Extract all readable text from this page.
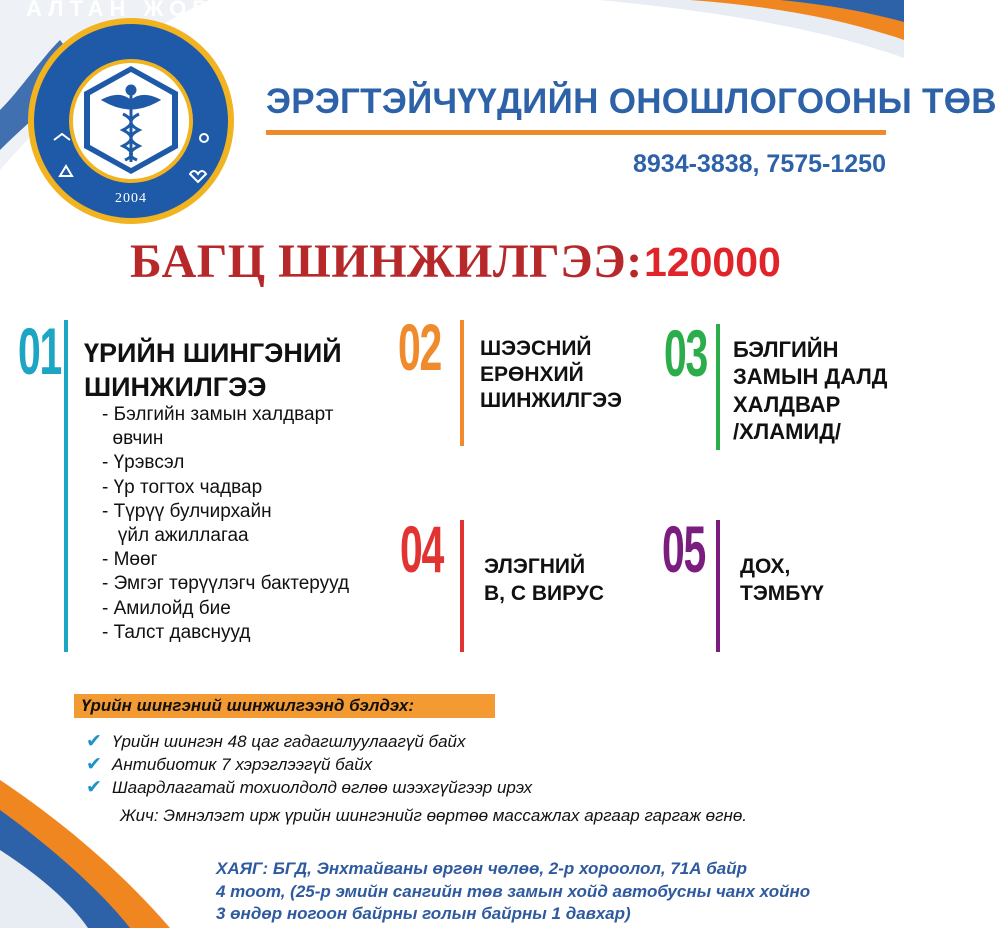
АЛТАН ЖОР
2004
ЭРЭГТЭЙЧҮҮДИЙН ОНОШЛОГООНЫ ТӨВ
8934-3838, 7575-1250
БАГЦ ШИНЖИЛГЭЭ: 120000
01 ҮРИЙН ШИНГЭНИЙ
ШИНЖИЛГЭЭ
- Бэлгийн замын халдварт
өвчин
- Үрэвсэл
- Үр тогтох чадвар
- Түрүү булчирхайн
үйл ажиллагаа
- Мөөг
- Эмгэг төрүүлэгч бактерууд
- Амилойд бие
- Талст давснууд
02 ШЭЭСНИЙ
ЕРӨНХИЙ
ШИНЖИЛГЭЭ
03 БЭЛГИЙН
ЗАМЫН ДАЛД
ХАЛДВАР
/ХЛАМИД/
04 ЭЛЭГНИЙ
В, С ВИРУС
05 ДОХ,
ТЭМБҮҮ
Үрийн шингэний шинжилгээнд бэлдэх:
✔ Үрийн шингэн 48 цаг гадагшлуулаагүй байх
✔ Антибиотик 7 хэрэглээгүй байх
✔ Шаардлагатай тохиолдолд өглөө шээхгүйгээр ирэх
Жич: Эмнэлэгт ирж үрийн шингэнийг өөртөө массажлах аргаар гаргаж өгнө.
ХАЯГ: БГД, Энхтайваны өргөн чөлөө, 2-р хороолол, 71А байр
4 тоот, (25-р эмийн сангийн төв замын хойд автобусны чанх хойно
3 өндөр ногоон байрны голын байрны 1 давхар)
